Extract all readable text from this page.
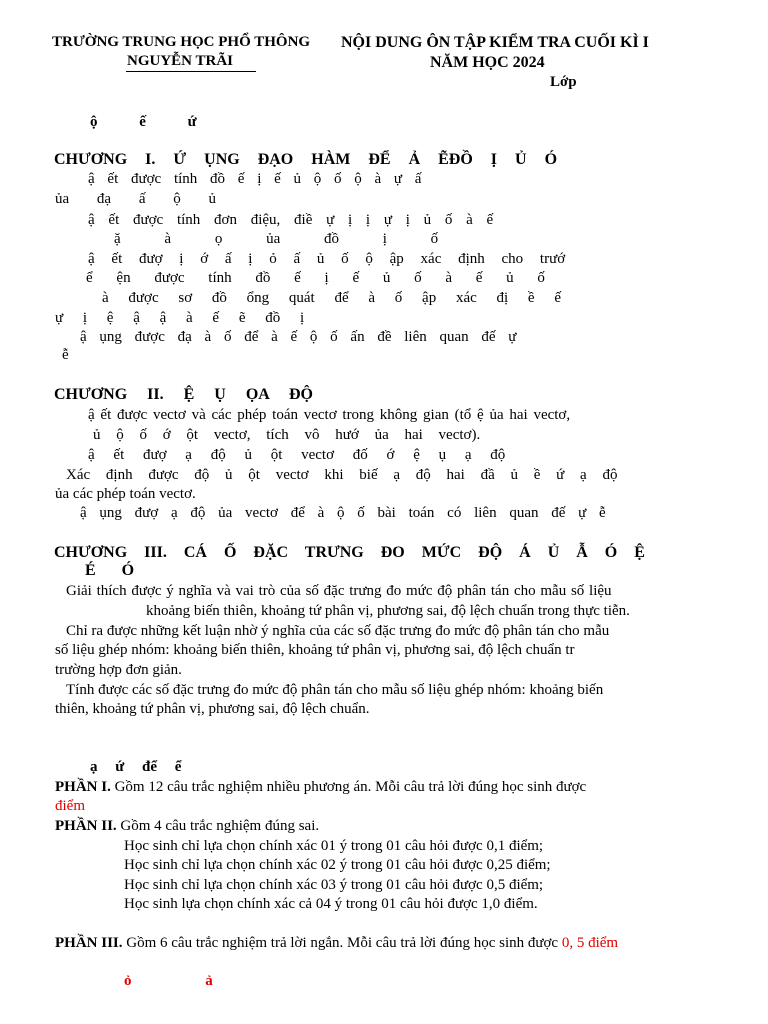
TRƯỜNG TRUNG HỌC PHỔ THÔNG
NGUYỄN TRÃI
NỘI DUNG ÔN TẬP KIỂM TRA CUỐI KÌ I
NĂM HỌC 2024
Lớp
ộ ế ứ
CHƯƠNG I. Ứ ỤNG ĐẠO HÀM ĐỂ Ả ẼĐỒ Ị Ủ Ó
ậ ết được tính đồ ế ị ế ủ ộ ố ộ à ự ấ
ủa đạ ấ ộ ủ
ậ ết được tính đơn điệu, điề ự ị ị ự ị ủ ố à ế
ặ à ọ ủa đồ ị ố
ậ ết đượ ị ớ ấ ị ỏ ấ ủ ố ộ ập xác định cho trướ
ể ện được tính đồ ế ị ế ủ ố à ế ủ ố
à được sơ đồ ổng quát để à ố ập xác đị ề ế
ự ị ệ ậ ậ à ế ẽ đồ ị
ậ ụng được đạ à ố để à ế ộ ố ấn đề liên quan đế ự
ễ
CHƯƠNG II. Ệ Ụ ỌA ĐỘ
ậ ết được vectơ và các phép toán vectơ trong không gian (tổ ệ ủa hai vectơ,
ủ ộ ố ớ ột vectơ, tích vô hướ ủa hai vectơ).
ậ ết đượ ạ độ ủ ột vectơ đố ớ ệ ụ ạ độ
Xác định được độ ủ ột vectơ khi biế ạ độ hai đầ ủ ề ứ ạ độ
ủa các phép toán vectơ.
ậ ụng đượ ạ độ ủa vectơ để à ộ ố bài toán có liên quan đế ự ễ
CHƯƠNG III. CÁ Ố ĐẶC TRƯNG ĐO MỨC ĐỘ Á Ủ Ẫ Ó Ệ
É Ó
Giải thích được ý nghĩa và vai trò của số đặc trưng đo mức độ phân tán cho mẫu số liệu
khoảng biến thiên, khoảng tứ phân vị, phương sai, độ lệch chuẩn trong thực tiễn.
Chỉ ra được những kết luận nhờ ý nghĩa của các số đặc trưng đo mức độ phân tán cho mẫu
số liệu ghép nhóm: khoảng biến thiên, khoảng tứ phân vị, phương sai, độ lệch chuẩn tr
trường hợp đơn giản.
Tính được các số đặc trưng đo mức độ phân tán cho mẫu số liệu ghép nhóm: khoảng biến
thiên, khoảng tứ phân vị, phương sai, độ lệch chuẩn.
ạ ứ để ể
PHẦN I. Gồm 12 câu trắc nghiệm nhiều phương án. Mỗi câu trả lời đúng học sinh được
điểm
PHẦN II. Gồm 4 câu trắc nghiệm đúng sai.
Học sinh chỉ lựa chọn chính xác 01 ý trong 01 câu hỏi được 0,1 điểm;
Học sinh chỉ lựa chọn chính xác 02 ý trong 01 câu hỏi được 0,25 điểm;
Học sinh chỉ lựa chọn chính xác 03 ý trong 01 câu hỏi được 0,5 điểm;
Học sinh lựa chọn chính xác cả 04 ý trong 01 câu hỏi được 1,0 điểm.
PHẦN III. Gồm 6 câu trắc nghiệm trả lời ngắn. Mỗi câu trả lời đúng học sinh được 0, 5 điểm
ỏ ả
